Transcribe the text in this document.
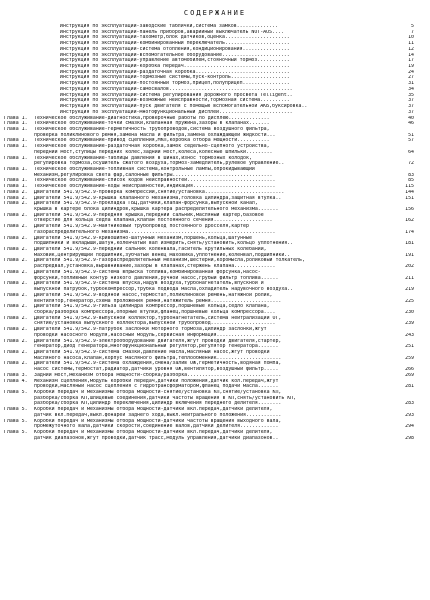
СОДЕРЖАНИЕ
Инструкция по эксплуатации-заводские таблички,система замков..............	5
Инструкция по эксплуатации-панель приборов,аварийный выключатель NOT-AUS....	7
Инструкция по эксплуатации-тахометр,блок датчиков,оценка......................	10
Инструкция по эксплуатации-комбинированный переключатель......................	11
Инструкция по эксплуатации-система отопления,кондиционирования................	12
Инструкция по эксплуатации-вспомогательное оборудование.......................	14
Инструкция по эксплуатации-управление автомобилем,стояночный тормоз...........	17
Инструкция по эксплуатации-коробка передач....................................	19
Инструкция по эксплуатации-раздаточная коробка................................	24
Инструкция по эксплуатации-тормозные системы,пуск-контроль....................	27
Инструкция по эксплуатации-постоянный тормоз,прицеп,полуприцеп................	31
Инструкция по эксплуатации-самосвалов..........................................	34
Инструкция по эксплуатации-система регулирования дорожного просвета Telligent..	35
Инструкция по эксплуатации-возможные неисправности,тормозная система..........	37
Инструкция по эксплуатации-пуск двигателя с помощью вспомогательной АКБ,буксировка..	37
Инструкция по эксплуатации-многофункциональный дисплей.........................	37
Глава 1.	Техническое обслуживание-диагностика,проверочные работы по дисплею..............	40
Глава 1.	Техническое обслуживание-точки смазки,клапанная пружина,зазоры в клапанах.......	46
Глава 1.	Техническое обслуживание-герметичность трубопроводов,система воздушного фильтра,
проверка поликлинового ремня,замена масла и фильтра,замена охлаждающей жидкости...	51
Глава 1.	Техническое обслуживание-привод сцепления,МКП,коробка отбора мощности...........	57
Глава 1.	Техническое обслуживание-раздаточная коробка,замок седельно-сцепного устройства,
передний мост,ступицы передних колес,задний мост,колеса,колесные шпильки.........	64
Глава 1.	Техническое обслуживание-таблицы давления в шинах,износ тормозных колодок,
регулировка тормоза,осушитель сжатого воздуха,тормоз-замедлитель,рулевое управление..	72
Глава 1.	Техническое обслуживание-топливная система,контрольные лампы,опрокидывающий
механизм,регулировка света фар,салонные фильтры..................................	83
Глава 1.	Техническое обслуживание-список кодов неисправностей..............................	85
Глава 1.	Техническое обслуживание-коды неисправностей,индикация............................	115
Глава 2.	Двигатели 541.9/542.9-проверка компрессии,снятие/установка...........................	144
Глава 2.	Двигатели 541.9/542.9-крышка клапанного механизма,головка цилиндра,защитная втулка..	151
Глава 2.	Двигатели 541.9/542.9-прокладка ГБЦ,датчики,клапан-форсунка,выпускной канал,
крышка в картере блока цилиндров,крышка картера распределительного механизма.......	156
Глава 2.	Двигатели 541.9/542.9-передняя крышка,передний сальник,масляный картер,базовое
отверстие для кольца седла клапана,клапан постоянного сечения....................	162
Глава 2.	Двигатели 541.9/542.9-маятниковый трубопровод постоянного дросселя,картер
газораспределительного механизма..................................................	174
Глава 2.	Двигатели 541.9/542.9-кривошипно-шатунный механизм,поршень,кольца,шатунные
подшипники и вкладыши,шатун,коленчатый вал измерить,снять/установить,кольцо уплотнения..	181
Глава 2.	Двигатели 541.9/542.9-передний сальник коленвала,гаситель крутильных колебаний,
маховик,центрирующий подшипник,зубчатый венец маховика,уплотнение,коленвал,подшипники..	191
Глава 2.	Двигатели 541.9/542.9-газораспределительный механизм,шестерни,коромысла,роликовый толкатель,
распредвал,установка,выравнивание,зазоры в клапанах,стержень клапана..............	202
Глава 2.	Двигатели 541.9/542.9-система впрыска топлива,комбинированная форсунка,насос-
форсунки,топливный контур низкого давления,ручной насос,грубый фильтр топлива......	211
Глава 2.	Двигатели 541.9/542.9-система впуска,надув воздуха,турбонагнетатель,впускной и
выпускной патрубок,турбокомпрессор,трубка подвода масла,охладитель надувочного воздуха..	219
Глава 2.	Двигатели 541.9/542.9-водяной насос,термостат,поликлиновой ремень,натяжной ролик,
вентилятор,генератор,схема проложения ремня,натяжитель ремня........................	225
Глава 2.	Двигатели 541.9/542.9-гильза цилиндра компрессор,поршневые кольца,седло клапана,
сборка/разборка компрессора,опорные втулки,фланец,поршневые кольца компрессора....	230
Глава 2.	Двигатели 541.9/542.9-выпускной коллектор,турбонагнетатель,система нейтрализации ОГ,
снятие/установка выпускного коллектора,выпускной трубопровод......................	239
Глава 2.	Двигатели 541.9/542.9-патрубок заслонки моторного тормоза,цилиндр заслонки,жгут
проводки насосного модуля,насосный модуль,сервисная информация......................	243
Глава 2.	Двигатели 541.9/542.9-электрооборудование двигателя,жгут проводки двигателя,стартер,
генератор,диод генератора,многофункциональный регулятор,регулятор генератора.......	251
Глава 2.	Двигатели 541.9/542.9-система смазки,давление масла,масляный насос,жгут проводки
масляного насоса,клапан,корпус масляного фильтра,теплообменник......................	259
Глава 2.	Двигатели 541.9/542.9-система охлаждения,смена/залив ОЖ,герметичность,водяная помпа,
насос системы,термостат,радиатор,датчики уровня ОЖ,вентилятор,воздушный фильтр.....	266
Глава 3.	Задний мост,механизм отбора мощности-сборка/разборка................................	269
Глава 4.	Механизм сцепления,модуль коробки передач,датчики положения,датчик кол.передач,жгут
проводки,масляный насос сцепления с гидротрансформатором,фланец подачи масла.......	281
Глава 5.	Коробки передач и механизмы отбора мощности-снятие/установка КП,снятие/установка КП,
разборка/сборка КП,шлицевые соединения,датчики частоты вращения в КП,снять/установить КП,
разборка/сборка КП,цилиндр переключения,цилиндр включения переднего делителя........	283
Глава 5.	Коробки передач и механизмы отбора мощности-датчики вкл.передач,датчики делителя,
датчик вкл.передач,выкл.фонарей заднего хода,выкл.нейтрального положения............	293
Глава 5.	Коробки передач и механизмы отбора мощности-датчики частоты вращения выходного вала,
промежуточного вала,датчики скорости,соединение валов,датчики делителя.............	294
Глава 5.	Коробки передач и механизмы отбора мощности-датчики вкл.передач,датчики делителя,
датчик диапазонов,жгут проводки,датчик трасс,модуль управления,датчики диапазонов..	298
